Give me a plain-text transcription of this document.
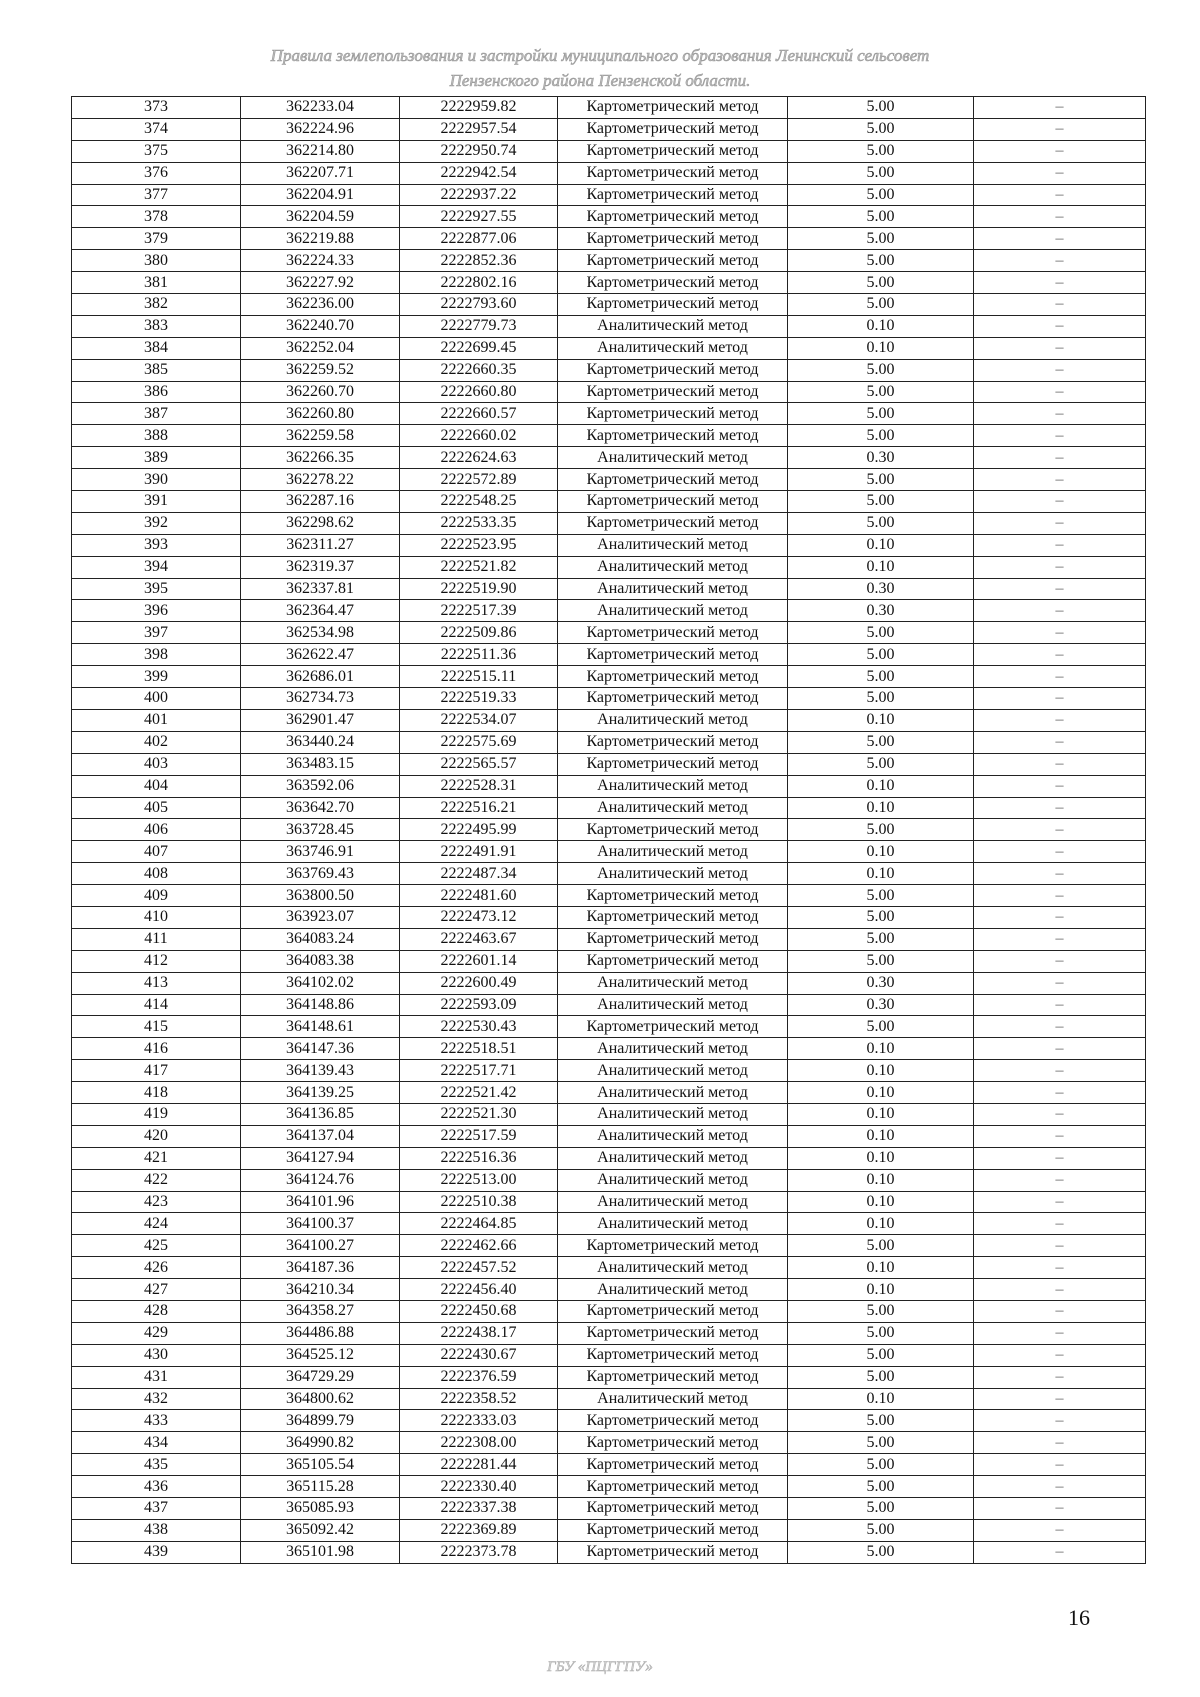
Правила землепользования и застройки муниципального образования Ленинский сельсовет
Пензенского района Пензенской области.
373	362233.04	2222959.82	Картометрический метод	5.00	–
374	362224.96	2222957.54	Картометрический метод	5.00	–
375	362214.80	2222950.74	Картометрический метод	5.00	–
376	362207.71	2222942.54	Картометрический метод	5.00	–
377	362204.91	2222937.22	Картометрический метод	5.00	–
378	362204.59	2222927.55	Картометрический метод	5.00	–
379	362219.88	2222877.06	Картометрический метод	5.00	–
380	362224.33	2222852.36	Картометрический метод	5.00	–
381	362227.92	2222802.16	Картометрический метод	5.00	–
382	362236.00	2222793.60	Картометрический метод	5.00	–
383	362240.70	2222779.73	Аналитический метод	0.10	–
384	362252.04	2222699.45	Аналитический метод	0.10	–
385	362259.52	2222660.35	Картометрический метод	5.00	–
386	362260.70	2222660.80	Картометрический метод	5.00	–
387	362260.80	2222660.57	Картометрический метод	5.00	–
388	362259.58	2222660.02	Картометрический метод	5.00	–
389	362266.35	2222624.63	Аналитический метод	0.30	–
390	362278.22	2222572.89	Картометрический метод	5.00	–
391	362287.16	2222548.25	Картометрический метод	5.00	–
392	362298.62	2222533.35	Картометрический метод	5.00	–
393	362311.27	2222523.95	Аналитический метод	0.10	–
394	362319.37	2222521.82	Аналитический метод	0.10	–
395	362337.81	2222519.90	Аналитический метод	0.30	–
396	362364.47	2222517.39	Аналитический метод	0.30	–
397	362534.98	2222509.86	Картометрический метод	5.00	–
398	362622.47	2222511.36	Картометрический метод	5.00	–
399	362686.01	2222515.11	Картометрический метод	5.00	–
400	362734.73	2222519.33	Картометрический метод	5.00	–
401	362901.47	2222534.07	Аналитический метод	0.10	–
402	363440.24	2222575.69	Картометрический метод	5.00	–
403	363483.15	2222565.57	Картометрический метод	5.00	–
404	363592.06	2222528.31	Аналитический метод	0.10	–
405	363642.70	2222516.21	Аналитический метод	0.10	–
406	363728.45	2222495.99	Картометрический метод	5.00	–
407	363746.91	2222491.91	Аналитический метод	0.10	–
408	363769.43	2222487.34	Аналитический метод	0.10	–
409	363800.50	2222481.60	Картометрический метод	5.00	–
410	363923.07	2222473.12	Картометрический метод	5.00	–
411	364083.24	2222463.67	Картометрический метод	5.00	–
412	364083.38	2222601.14	Картометрический метод	5.00	–
413	364102.02	2222600.49	Аналитический метод	0.30	–
414	364148.86	2222593.09	Аналитический метод	0.30	–
415	364148.61	2222530.43	Картометрический метод	5.00	–
416	364147.36	2222518.51	Аналитический метод	0.10	–
417	364139.43	2222517.71	Аналитический метод	0.10	–
418	364139.25	2222521.42	Аналитический метод	0.10	–
419	364136.85	2222521.30	Аналитический метод	0.10	–
420	364137.04	2222517.59	Аналитический метод	0.10	–
421	364127.94	2222516.36	Аналитический метод	0.10	–
422	364124.76	2222513.00	Аналитический метод	0.10	–
423	364101.96	2222510.38	Аналитический метод	0.10	–
424	364100.37	2222464.85	Аналитический метод	0.10	–
425	364100.27	2222462.66	Картометрический метод	5.00	–
426	364187.36	2222457.52	Аналитический метод	0.10	–
427	364210.34	2222456.40	Аналитический метод	0.10	–
428	364358.27	2222450.68	Картометрический метод	5.00	–
429	364486.88	2222438.17	Картометрический метод	5.00	–
430	364525.12	2222430.67	Картометрический метод	5.00	–
431	364729.29	2222376.59	Картометрический метод	5.00	–
432	364800.62	2222358.52	Аналитический метод	0.10	–
433	364899.79	2222333.03	Картометрический метод	5.00	–
434	364990.82	2222308.00	Картометрический метод	5.00	–
435	365105.54	2222281.44	Картометрический метод	5.00	–
436	365115.28	2222330.40	Картометрический метод	5.00	–
437	365085.93	2222337.38	Картометрический метод	5.00	–
438	365092.42	2222369.89	Картометрический метод	5.00	–
439	365101.98	2222373.78	Картометрический метод	5.00	–
16
ГБУ «ПЦГГПУ»
